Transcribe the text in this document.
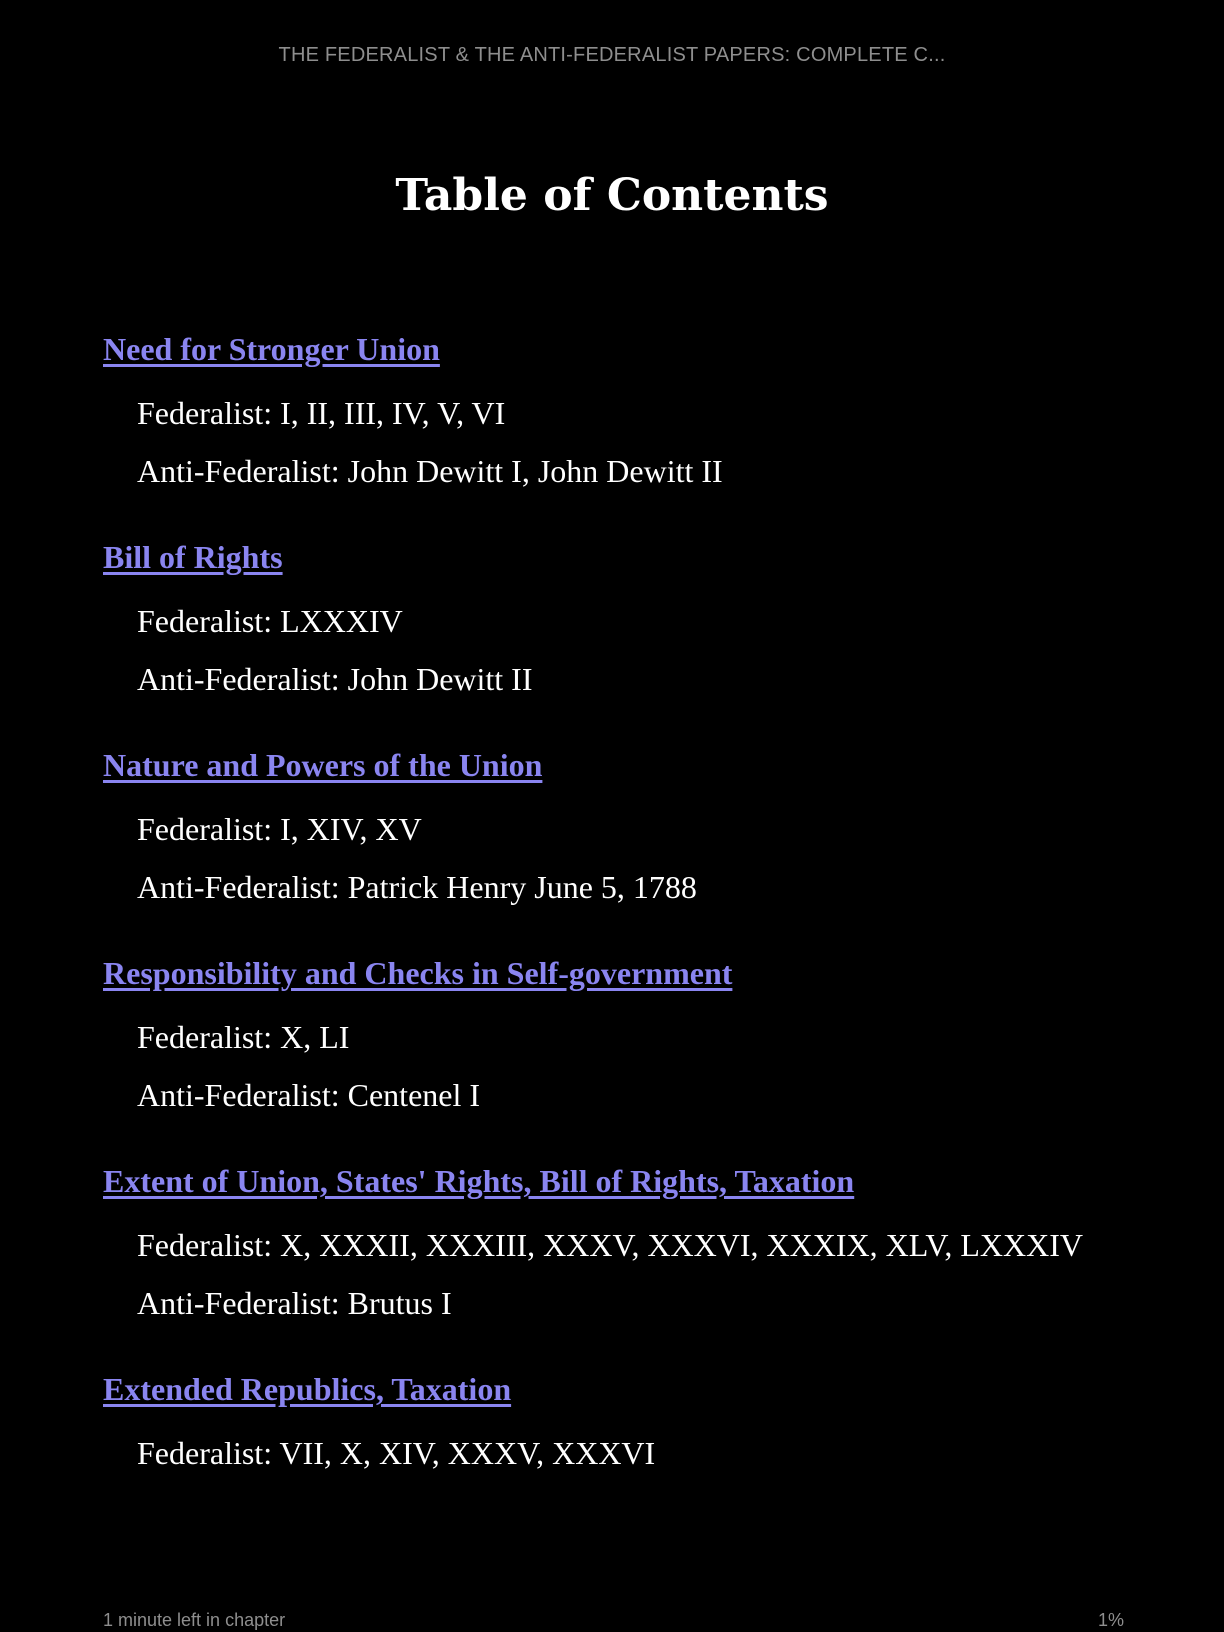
THE FEDERALIST & THE ANTI-FEDERALIST PAPERS: COMPLETE C...
Table of Contents
Need for Stronger Union
Federalist: I, II, III, IV, V, VI
Anti-Federalist: John Dewitt I, John Dewitt II
Bill of Rights
Federalist: LXXXIV
Anti-Federalist: John Dewitt II
Nature and Powers of the Union
Federalist: I, XIV, XV
Anti-Federalist: Patrick Henry June 5, 1788
Responsibility and Checks in Self-government
Federalist: X, LI
Anti-Federalist: Centenel I
Extent of Union, States' Rights, Bill of Rights, Taxation
Federalist: X, XXXII, XXXIII, XXXV, XXXVI, XXXIX, XLV, LXXXIV
Anti-Federalist: Brutus I
Extended Republics, Taxation
Federalist: VII, X, XIV, XXXV, XXXVI
1 minute left in chapter	1%
